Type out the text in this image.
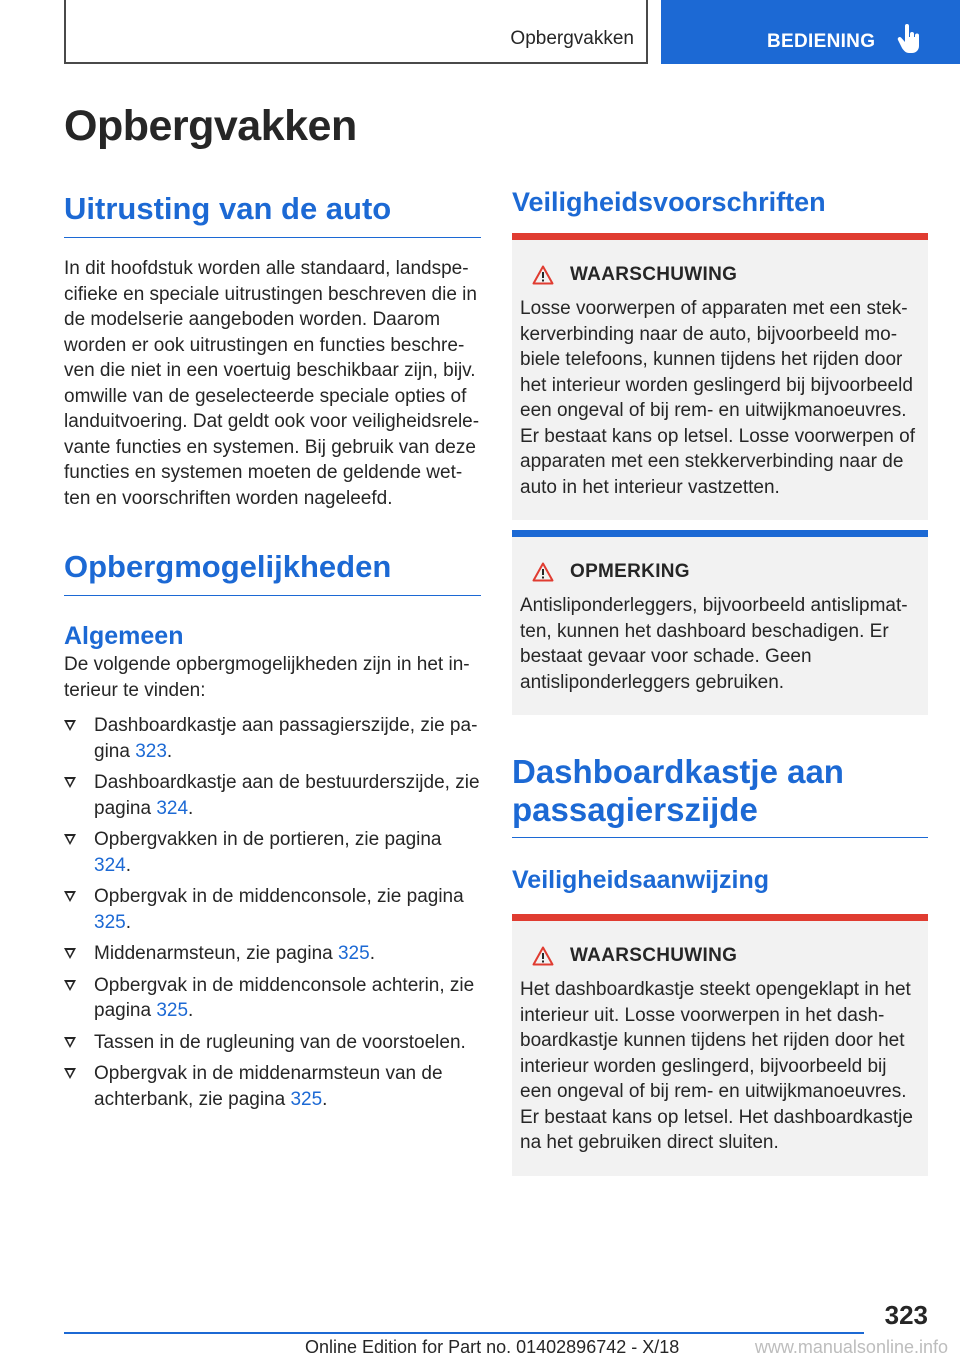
Opbergvakken	BEDIENING
Opbergvakken
Uitrusting van de auto

In dit hoofdstuk worden alle standaard, landspecifieke en speciale uitrustingen beschreven die in de modelserie aangeboden worden. Daarom worden er ook uitrustingen en functies beschreven die niet in een voertuig beschikbaar zijn, bijv. omwille van de geselecteerde speciale opties of landuitvoering. Dat geldt ook voor veiligheidsrelevante functies en systemen. Bij gebruik van deze functies en systemen moeten de geldende wetten en voorschriften worden nageleefd.

Opbergmogelijkheden
Algemeen

De volgende opbergmogelijkheden zijn in het interieur te vinden:

Dashboardkastje aan passagierszijde, zie pagina 323.
Dashboardkastje aan de bestuurderszijde, zie pagina 324.
Opbergvakken in de portieren, zie pagina 324.
Opbergvak in de middenconsole, zie pagina 325.
Middenarmsteun, zie pagina 325.
Opbergvak in de middenconsole achterin, zie pagina 325.
Tassen in de rugleuning van de voorstoelen.
Opbergvak in de middenarmsteun van de achterbank, zie pagina 325.
Veiligheidsvoorschriften
WAARSCHUWING

Losse voorwerpen of apparaten met een stekkerverbinding naar de auto, bijvoorbeeld mobiele telefoons, kunnen tijdens het rijden door het interieur worden geslingerd bij bijvoorbeeld een ongeval of bij rem- en uitwijkmanoeuvres. Er bestaat kans op letsel. Losse voorwerpen of apparaten met een stekkerverbinding naar de auto in het interieur vastzetten.

OPMERKING

Antisliponderleggers, bijvoorbeeld antislipmatten, kunnen het dashboard beschadigen. Er bestaat gevaar voor schade. Geen antisliponderleggers gebruiken.

Dashboardkastje aan passagierszijde
Veiligheidsaanwijzing
WAARSCHUWING

Het dashboardkastje steekt opengeklapt in het interieur uit. Losse voorwerpen in het dashboardkastje kunnen tijdens het rijden door het interieur worden geslingerd, bijvoorbeeld bij een ongeval of bij rem- en uitwijkmanoeuvres. Er bestaat kans op letsel. Het dashboardkastje na het gebruiken direct sluiten.

323
Online Edition for Part no. 01402896742 - X/18	www.manualsonline.info
